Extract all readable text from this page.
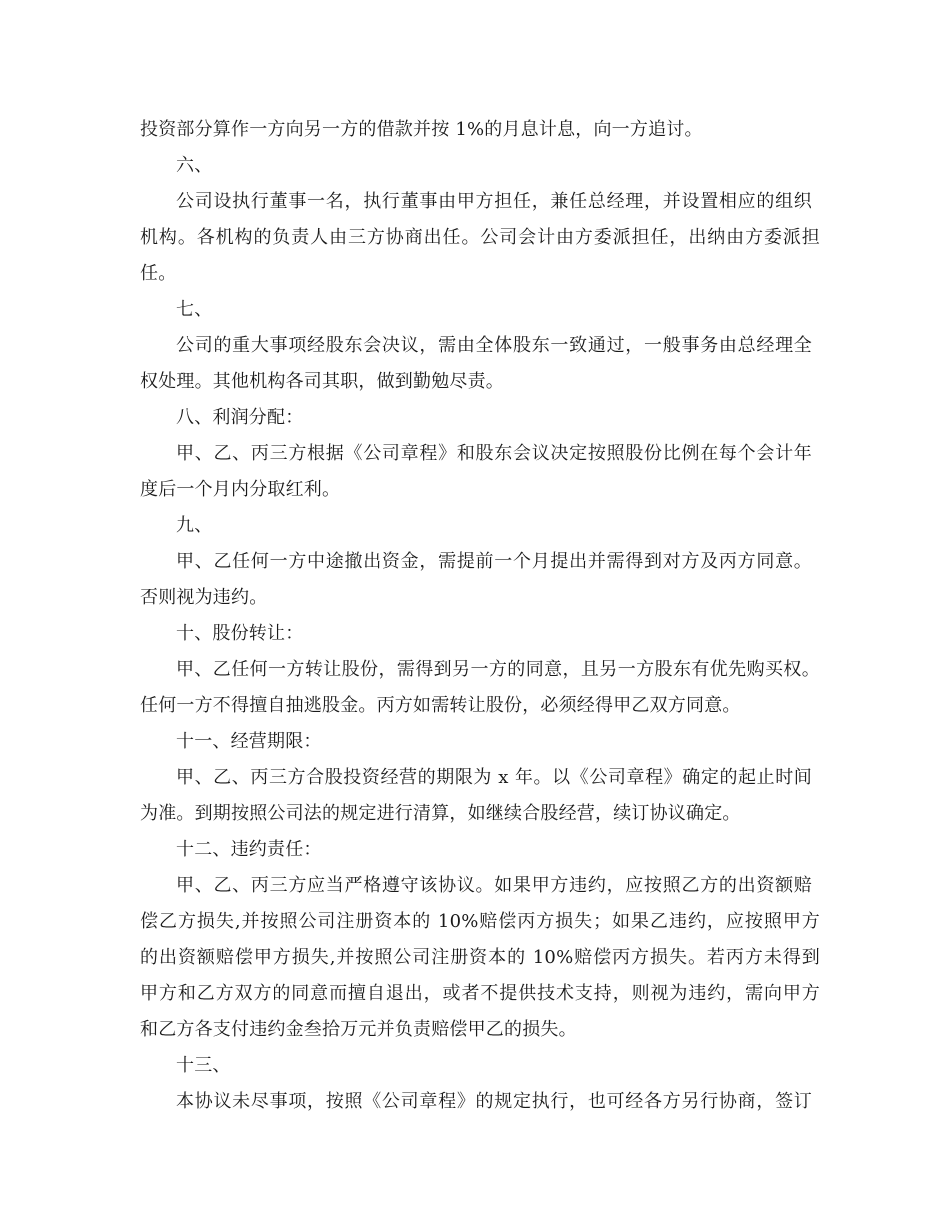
投资部分算作一方向另一方的借款并按 1%的月息计息，向一方追讨。
六、
公司设执行董事一名，执行董事由甲方担任，兼任总经理，并设置相应的组织
机构。各机构的负责人由三方协商出任。公司会计由方委派担任，出纳由方委派担
任。
七、
公司的重大事项经股东会决议，需由全体股东一致通过，一般事务由总经理全
权处理。其他机构各司其职，做到勤勉尽责。
八、利润分配：
甲、乙、丙三方根据《公司章程》和股东会议决定按照股份比例在每个会计年
度后一个月内分取红利。
九、
甲、乙任何一方中途撤出资金，需提前一个月提出并需得到对方及丙方同意。
否则视为违约。
十、股份转让：
甲、乙任何一方转让股份，需得到另一方的同意，且另一方股东有优先购买权。
任何一方不得擅自抽逃股金。丙方如需转让股份，必须经得甲乙双方同意。
十一、经营期限：
甲、乙、丙三方合股投资经营的期限为 x 年。以《公司章程》确定的起止时间
为准。到期按照公司法的规定进行清算，如继续合股经营，续订协议确定。
十二、违约责任：
甲、乙、丙三方应当严格遵守该协议。如果甲方违约，应按照乙方的出资额赔
偿乙方损失,并按照公司注册资本的 10%赔偿丙方损失；如果乙违约，应按照甲方
的出资额赔偿甲方损失,并按照公司注册资本的 10%赔偿丙方损失。若丙方未得到
甲方和乙方双方的同意而擅自退出，或者不提供技术支持，则视为违约，需向甲方
和乙方各支付违约金叁拾万元并负责赔偿甲乙的损失。
十三、
本协议未尽事项，按照《公司章程》的规定执行，也可经各方另行协商，签订
